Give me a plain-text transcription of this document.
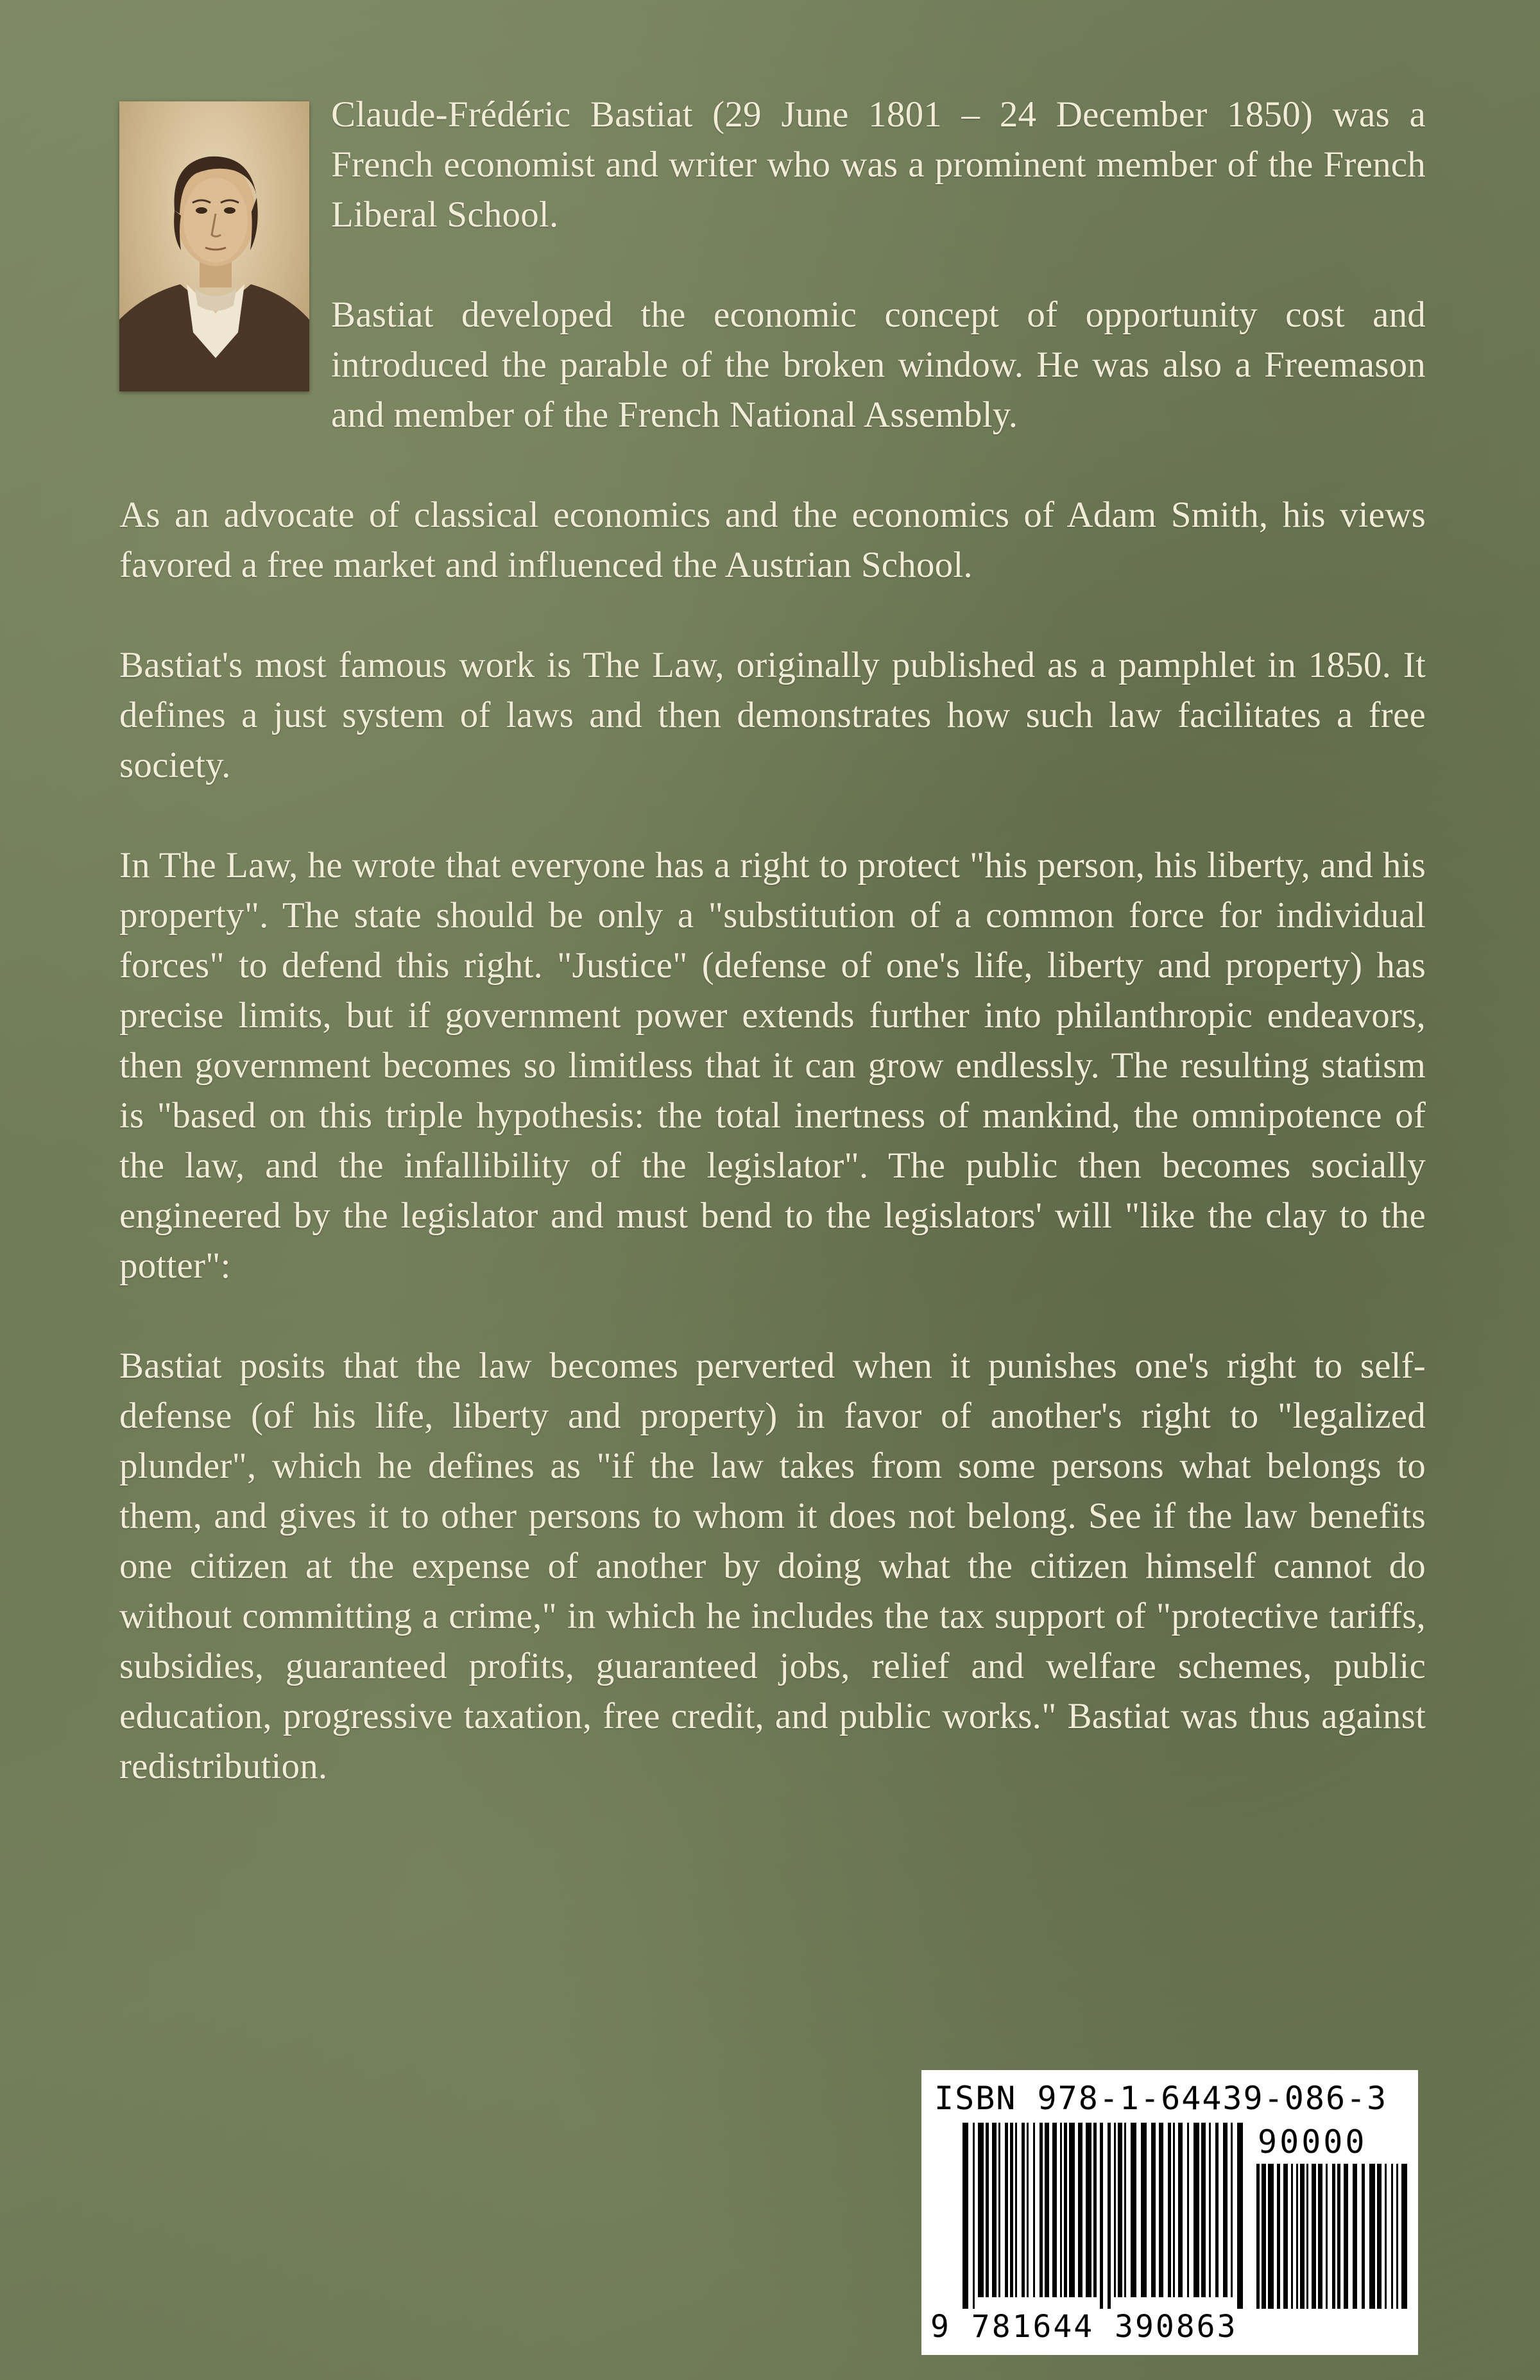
Claude-Frédéric Bastiat (29 June 1801 – 24 December 1850) was a French economist and writer who was a prominent member of the French Liberal School.

Bastiat developed the economic concept of opportunity cost and introduced the parable of the broken window. He was also a Freemason and member of the French National Assembly.

As an advocate of classical economics and the economics of Adam Smith, his views favored a free market and influenced the Austrian School.

Bastiat's most famous work is The Law, originally published as a pamphlet in 1850. It defines a just system of laws and then demonstrates how such law facilitates a free society.

In The Law, he wrote that everyone has a right to protect "his person, his liberty, and his property". The state should be only a "substitution of a common force for individual forces" to defend this right. "Justice" (defense of one's life, liberty and property) has precise limits, but if government power extends further into philanthropic endeavors, then government becomes so limitless that it can grow endlessly. The resulting statism is "based on this triple hypothesis: the total inertness of mankind, the omnipotence of the law, and the infallibility of the legislator". The public then becomes socially engineered by the legislator and must bend to the legislators' will "like the clay to the potter":

Bastiat posits that the law becomes perverted when it punishes one's right to self-defense (of his life, liberty and property) in favor of another's right to "legalized plunder", which he defines as "if the law takes from some persons what belongs to them, and gives it to other persons to whom it does not belong. See if the law benefits one citizen at the expense of another by doing what the citizen himself cannot do without committing a crime," in which he includes the tax support of "protective tariffs, subsidies, guaranteed profits, guaranteed jobs, relief and welfare schemes, public education, progressive taxation, free credit, and public works." Bastiat was thus against redistribution.

ISBN 978-1-64439-086-3
90000
9 781644 390863
